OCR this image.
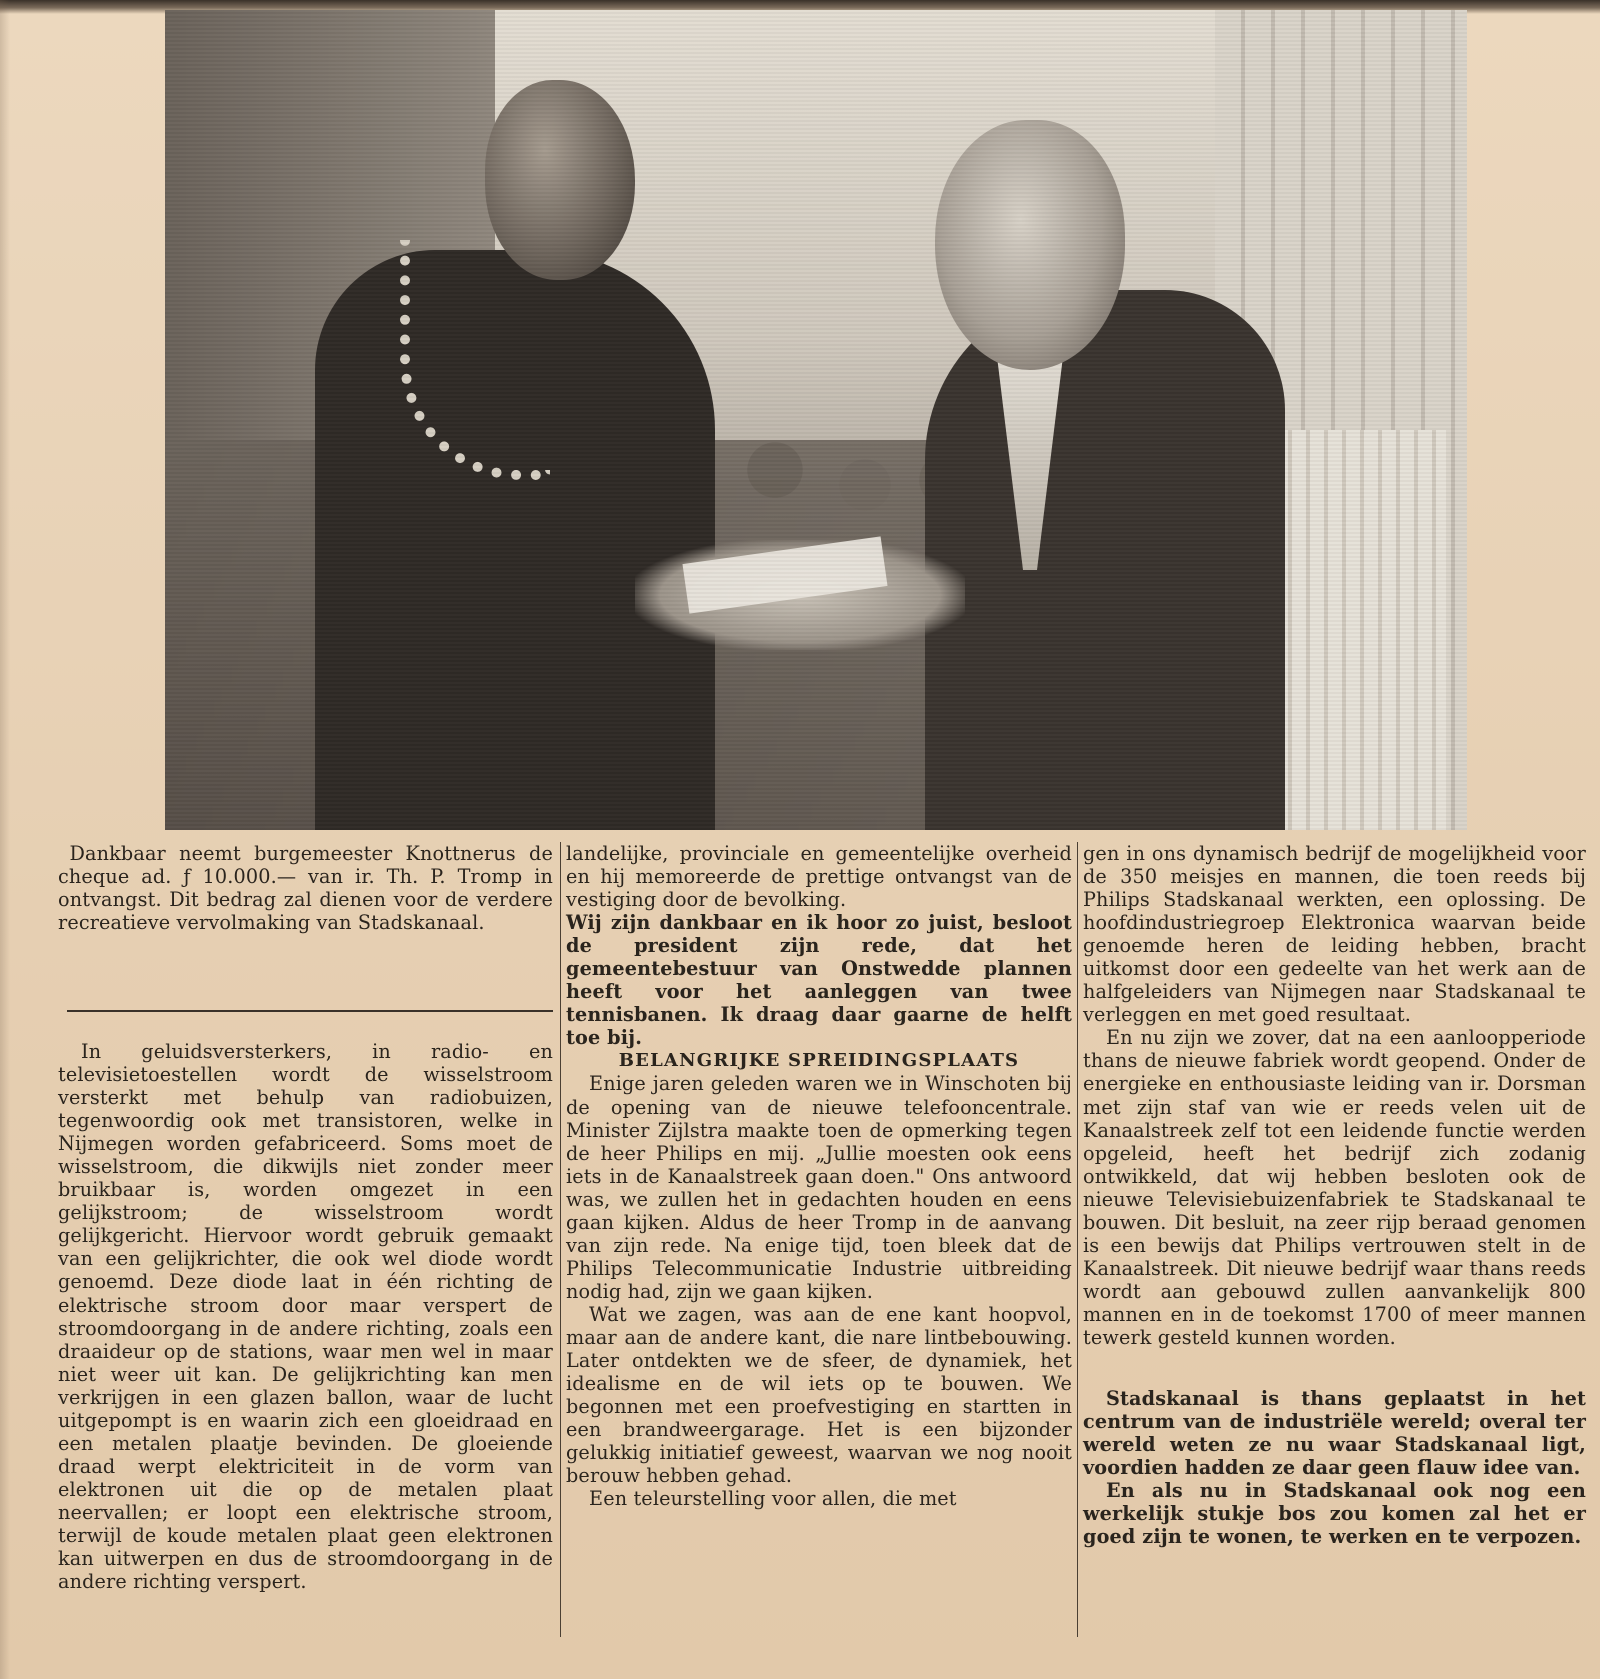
Dankbaar neemt burgemeester Knottnerus de cheque ad. ƒ 10.000.— van ir. Th. P. Tromp in ontvangst. Dit bedrag zal dienen voor de verdere recreatieve vervolmaking van Stadskanaal.

In geluidsversterkers, in radio- en televisietoestellen wordt de wisselstroom versterkt met behulp van radiobuizen, tegenwoordig ook met transistoren, welke in Nijmegen worden gefabriceerd. Soms moet de wisselstroom, die dikwijls niet zonder meer bruikbaar is, worden omgezet in een gelijkstroom; de wisselstroom wordt gelijkgericht. Hiervoor wordt gebruik gemaakt van een gelijkrichter, die ook wel diode wordt genoemd. Deze diode laat in één richting de elektrische stroom door maar verspert de stroomdoorgang in de andere richting, zoals een draaideur op de stations, waar men wel in maar niet weer uit kan. De gelijkrichting kan men verkrijgen in een glazen ballon, waar de lucht uitgepompt is en waarin zich een gloeidraad en een metalen plaatje bevinden. De gloeiende draad werpt elektriciteit in de vorm van elektronen uit die op de metalen plaat neervallen; er loopt een elektrische stroom, terwijl de koude metalen plaat geen elektronen kan uitwerpen en dus de stroomdoorgang in de andere richting verspert.

landelijke, provinciale en gemeentelijke overheid en hij memoreerde de prettige ontvangst van de vestiging door de bevolking.

Wij zijn dankbaar en ik hoor zo juist, besloot de president zijn rede, dat het gemeentebestuur van Onstwedde plannen heeft voor het aanleggen van twee tennisbanen. Ik draag daar gaarne de helft toe bij.

BELANGRIJKE SPREIDINGSPLAATS

Enige jaren geleden waren we in Winschoten bij de opening van de nieuwe telefooncentrale. Minister Zijlstra maakte toen de opmerking tegen de heer Philips en mij. „Jullie moesten ook eens iets in de Kanaalstreek gaan doen." Ons antwoord was, we zullen het in gedachten houden en eens gaan kijken. Aldus de heer Tromp in de aanvang van zijn rede. Na enige tijd, toen bleek dat de Philips Telecommunicatie Industrie uitbreiding nodig had, zijn we gaan kijken.

Wat we zagen, was aan de ene kant hoopvol, maar aan de andere kant, die nare lintbebouwing. Later ontdekten we de sfeer, de dynamiek, het idealisme en de wil iets op te bouwen. We begonnen met een proefvestiging en startten in een brandweergarage. Het is een bijzonder gelukkig initiatief geweest, waarvan we nog nooit berouw hebben gehad.

Een teleurstelling voor allen, die met

gen in ons dynamisch bedrijf de mogelijkheid voor de 350 meisjes en mannen, die toen reeds bij Philips Stadskanaal werkten, een oplossing. De hoofdindustriegroep Elektronica waarvan beide genoemde heren de leiding hebben, bracht uitkomst door een gedeelte van het werk aan de halfgeleiders van Nijmegen naar Stadskanaal te verleggen en met goed resultaat.

En nu zijn we zover, dat na een aanloopperiode thans de nieuwe fabriek wordt geopend. Onder de energieke en enthousiaste leiding van ir. Dorsman met zijn staf van wie er reeds velen uit de Kanaalstreek zelf tot een leidende functie werden opgeleid, heeft het bedrijf zich zodanig ontwikkeld, dat wij hebben besloten ook de nieuwe Televisiebuizenfabriek te Stadskanaal te bouwen. Dit besluit, na zeer rijp beraad genomen is een bewijs dat Philips vertrouwen stelt in de Kanaalstreek. Dit nieuwe bedrijf waar thans reeds wordt aan gebouwd zullen aanvankelijk 800 mannen en in de toekomst 1700 of meer mannen tewerk gesteld kunnen worden.

Stadskanaal is thans geplaatst in het centrum van de industriële wereld; overal ter wereld weten ze nu waar Stadskanaal ligt, voordien hadden ze daar geen flauw idee van.

En als nu in Stadskanaal ook nog een werkelijk stukje bos zou komen zal het er goed zijn te wonen, te werken en te verpozen.
